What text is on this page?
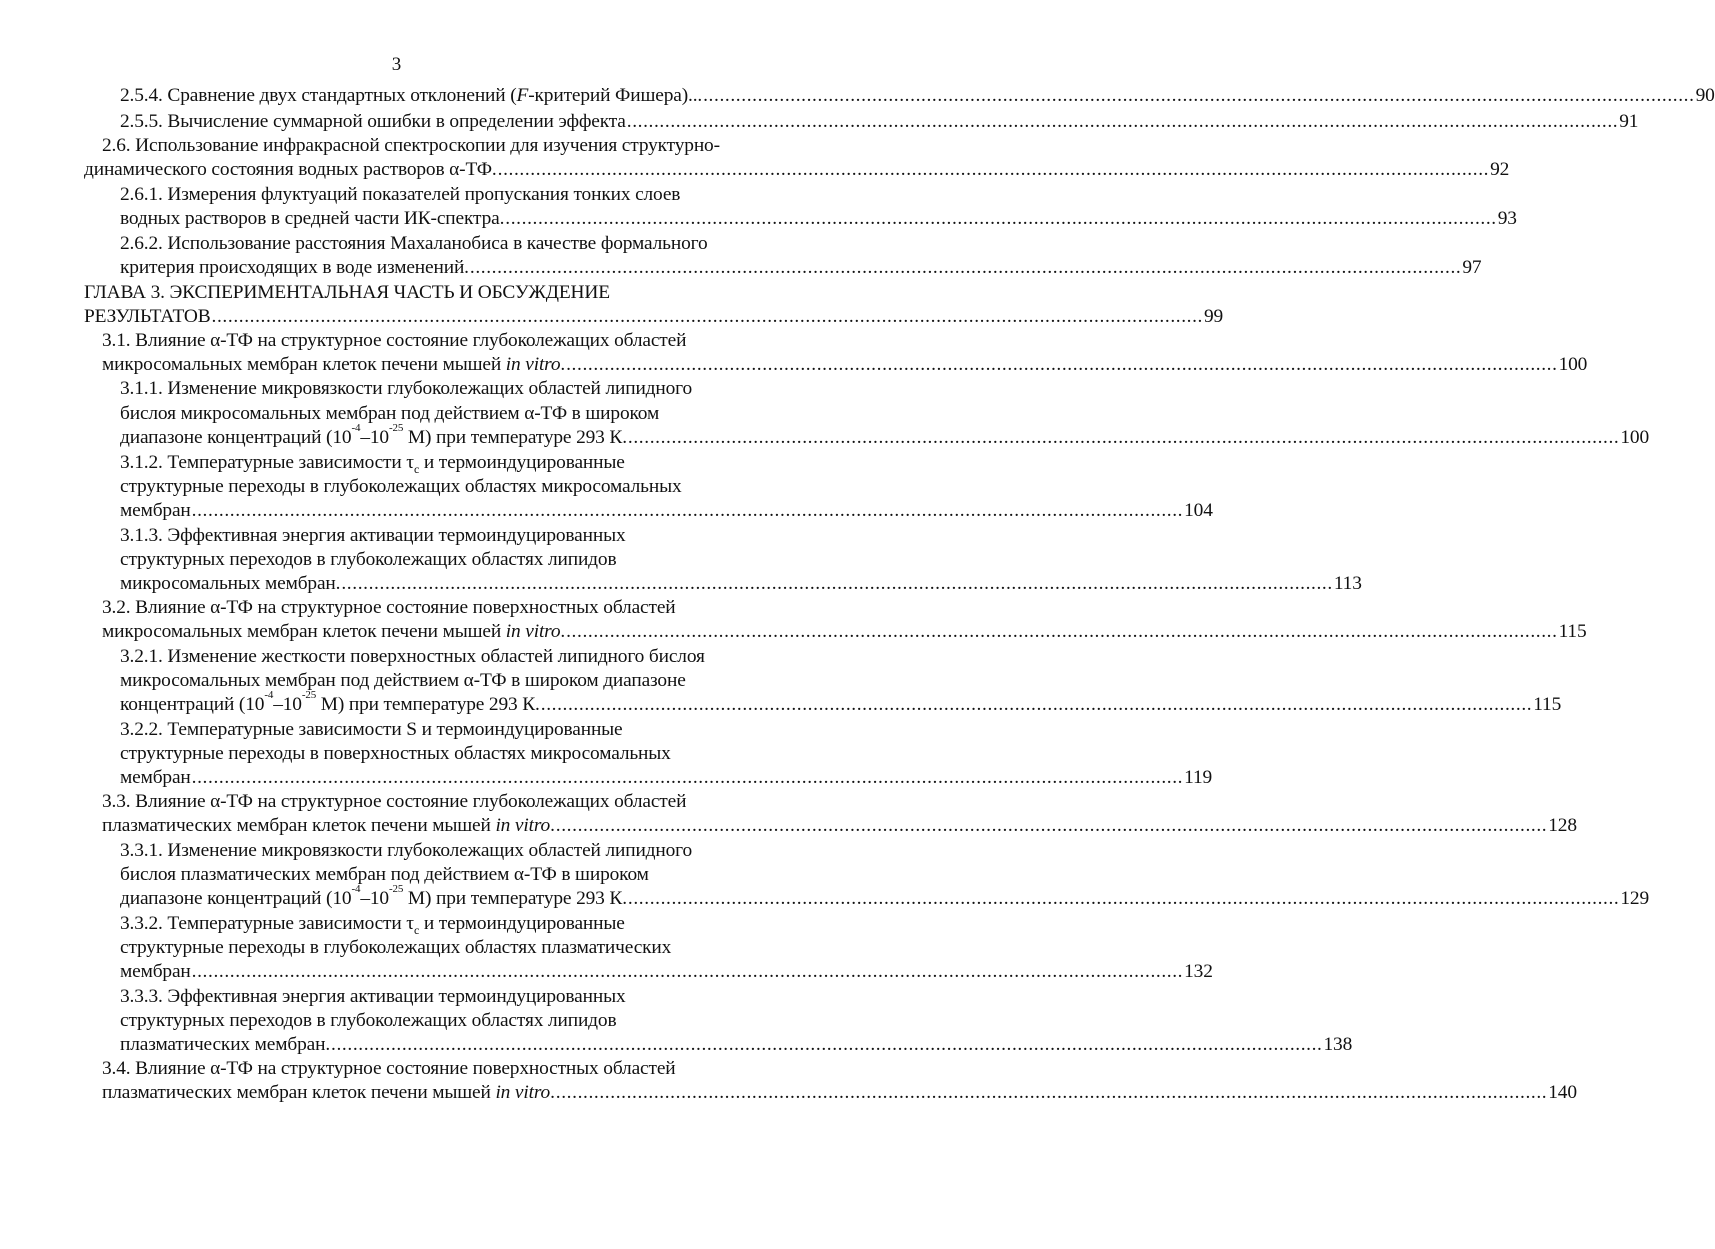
3
2.5.4. Сравнение двух стандартных отклонений (F-критерий Фишера)... ...................................................................................................................................................................................... 90
2.5.5. Вычисление суммарной ошибки в определении эффекта ...................................................................................................................................................................................... 91
2.6. Использование инфракрасной спектроскопии для изучения структурно-
динамического состояния водных растворов α-ТФ. ...................................................................................................................................................................................... 92
2.6.1. Измерения флуктуаций показателей пропускания тонких слоев
водных растворов в средней части ИК-спектра. ...................................................................................................................................................................................... 93
2.6.2. Использование расстояния Махаланобиса в качестве формального
критерия происходящих в воде изменений. ...................................................................................................................................................................................... 97
ГЛАВА 3. ЭКСПЕРИМЕНТАЛЬНАЯ ЧАСТЬ И ОБСУЖДЕНИЕ
РЕЗУЛЬТАТОВ ...................................................................................................................................................................................... 99
3.1. Влияние α-ТФ на структурное состояние глубоколежащих областей
микросомальных мембран клеток печени мышей in vitro. ...................................................................................................................................................................................... 100
3.1.1. Изменение микровязкости глубоколежащих областей липидного
бислоя микросомальных мембран под действием α-ТФ в широком
диапазоне концентраций ($10^{-4}-10^{-25}$ М) при температуре 293 К. ...................................................................................................................................................................................... 100
3.1.2. Температурные зависимости $\tau_c$ и термоиндуцированные
структурные переходы в глубоколежащих областях микросомальных
мембран ...................................................................................................................................................................................... 104
3.1.3. Эффективная энергия активации термоиндуцированных
структурных переходов в глубоколежащих областях липидов
микросомальных мембран. ...................................................................................................................................................................................... 113
3.2. Влияние α-ТФ на структурное состояние поверхностных областей
микросомальных мембран клеток печени мышей in vitro. ...................................................................................................................................................................................... 115
3.2.1. Изменение жесткости поверхностных областей липидного бислоя
микросомальных мембран под действием α-ТФ в широком диапазоне
концентраций ($10^{-4}-10^{-25}$ М) при температуре 293 К. ...................................................................................................................................................................................... 115
3.2.2. Температурные зависимости S и термоиндуцированные
структурные переходы в поверхностных областях микросомальных
мембран ...................................................................................................................................................................................... 119
3.3. Влияние α-ТФ на структурное состояние глубоколежащих областей
плазматических мембран клеток печени мышей in vitro. ...................................................................................................................................................................................... 128
3.3.1. Изменение микровязкости глубоколежащих областей липидного
бислоя плазматических мембран под действием α-ТФ в широком
диапазоне концентраций ($10^{-4}-10^{-25}$ М) при температуре 293 К. ...................................................................................................................................................................................... 129
3.3.2. Температурные зависимости $\tau_c$ и термоиндуцированные
структурные переходы в глубоколежащих областях плазматических
мембран ...................................................................................................................................................................................... 132
3.3.3. Эффективная энергия активации термоиндуцированных
структурных переходов в глубоколежащих областях липидов
плазматических мембран. ...................................................................................................................................................................................... 138
3.4. Влияние α-ТФ на структурное состояние поверхностных областей
плазматических мембран клеток печени мышей in vitro. ...................................................................................................................................................................................... 140
